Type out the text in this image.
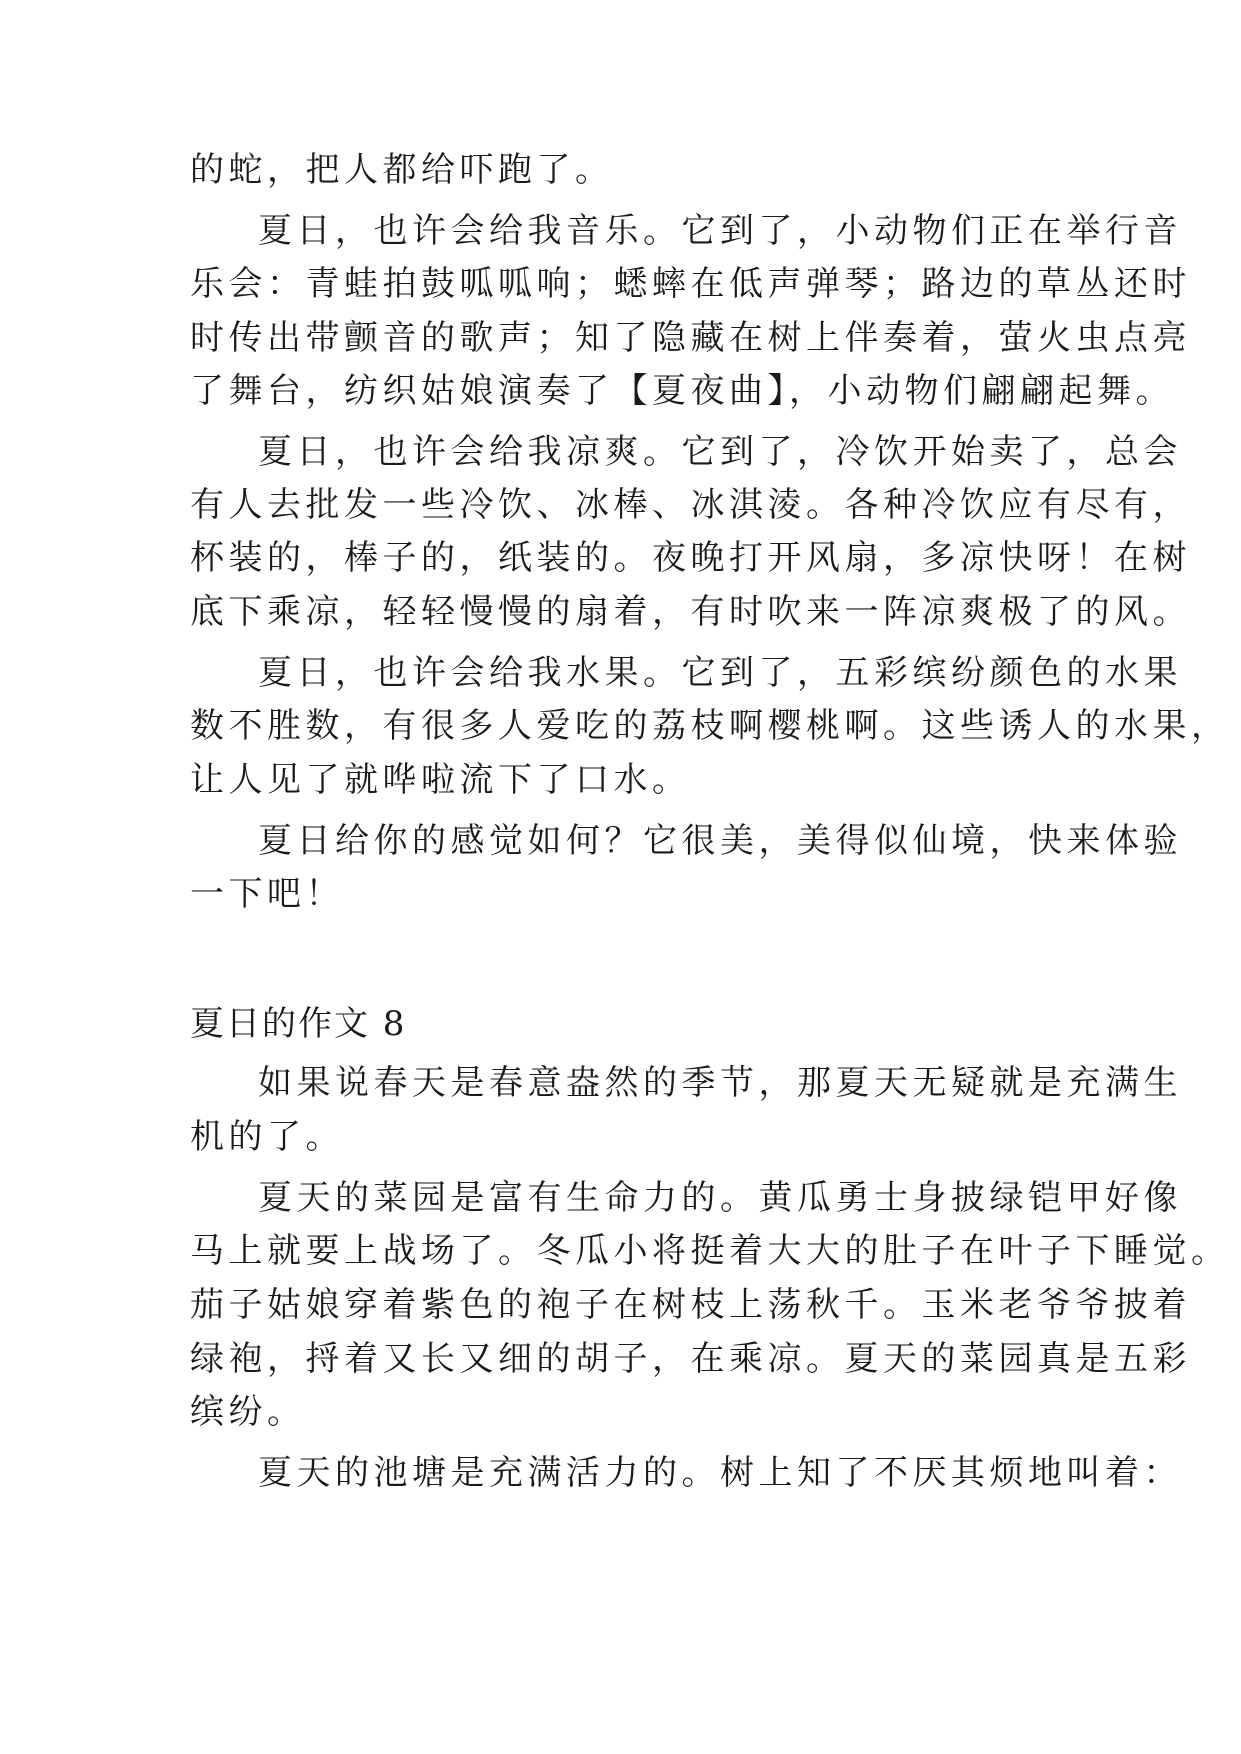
的蛇，把人都给吓跑了。
夏日，也许会给我音乐。它到了，小动物们正在举行音
乐会：青蛙拍鼓呱呱响；蟋蟀在低声弹琴；路边的草丛还时
时传出带颤音的歌声；知了隐藏在树上伴奏着，萤火虫点亮
了舞台，纺织姑娘演奏了【夏夜曲】，小动物们翩翩起舞。
夏日，也许会给我凉爽。它到了，冷饮开始卖了，总会
有人去批发一些冷饮、冰棒、冰淇淩。各种冷饮应有尽有，
杯装的，棒子的，纸装的。夜晚打开风扇，多凉快呀！在树
底下乘凉，轻轻慢慢的扇着，有时吹来一阵凉爽极了的风。
夏日，也许会给我水果。它到了，五彩缤纷颜色的水果
数不胜数，有很多人爱吃的荔枝啊樱桃啊。这些诱人的水果，
让人见了就哗啦流下了口水。
夏日给你的感觉如何？它很美，美得似仙境，快来体验
一下吧！
夏日的作文 8
如果说春天是春意盎然的季节，那夏天无疑就是充满生
机的了。
夏天的菜园是富有生命力的。黄瓜勇士身披绿铠甲好像
马上就要上战场了。冬瓜小将挺着大大的肚子在叶子下睡觉。
茄子姑娘穿着紫色的袍子在树枝上荡秋千。玉米老爷爷披着
绿袍，捋着又长又细的胡子，在乘凉。夏天的菜园真是五彩
缤纷。
夏天的池塘是充满活力的。树上知了不厌其烦地叫着：
